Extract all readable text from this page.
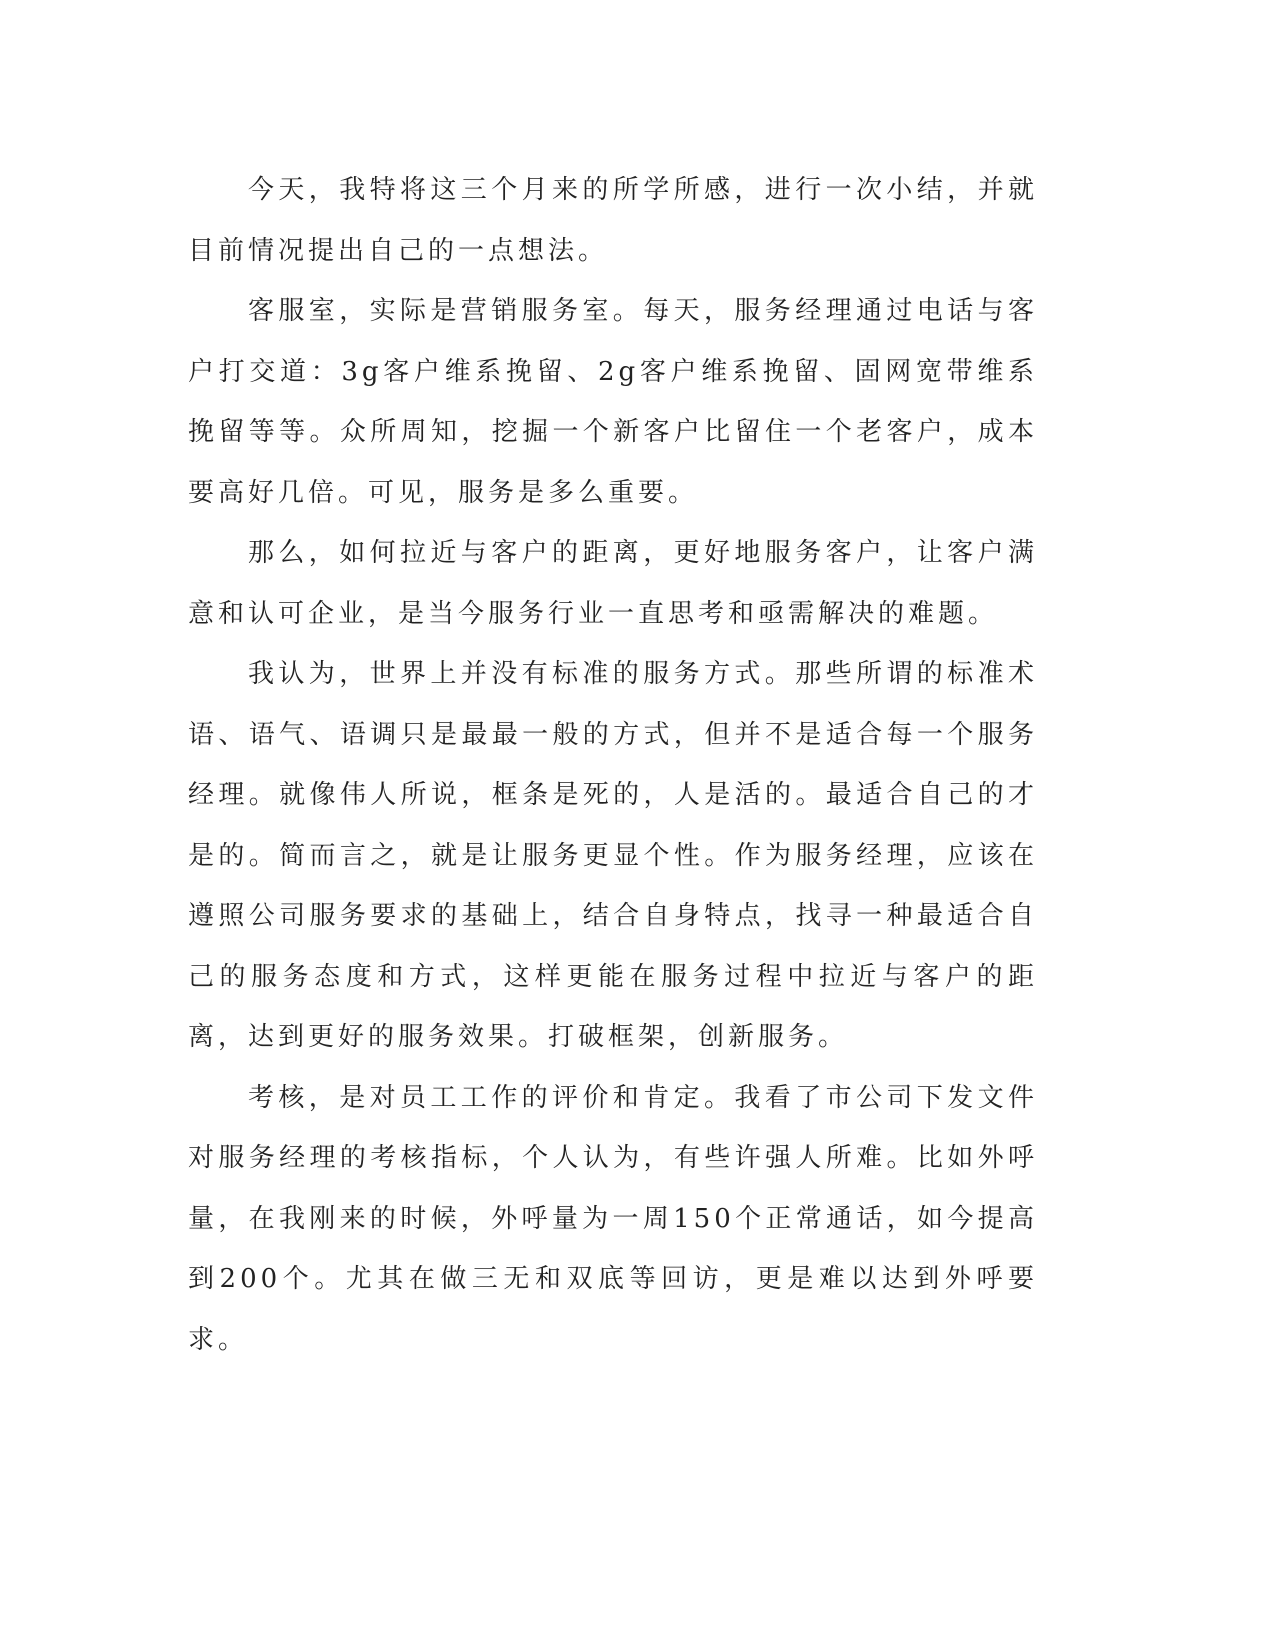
今天，我特将这三个月来的所学所感，进行一次小结，并就目前情况提出自己的一点想法。

客服室，实际是营销服务室。每天，服务经理通过电话与客户打交道：3g客户维系挽留、2g客户维系挽留、固网宽带维系挽留等等。众所周知，挖掘一个新客户比留住一个老客户，成本要高好几倍。可见，服务是多么重要。

那么，如何拉近与客户的距离，更好地服务客户，让客户满意和认可企业，是当今服务行业一直思考和亟需解决的难题。

我认为，世界上并没有标准的服务方式。那些所谓的标准术语、语气、语调只是最最一般的方式，但并不是适合每一个服务经理。就像伟人所说，框条是死的，人是活的。最适合自己的才是的。简而言之，就是让服务更显个性。作为服务经理，应该在遵照公司服务要求的基础上，结合自身特点，找寻一种最适合自己的服务态度和方式，这样更能在服务过程中拉近与客户的距离，达到更好的服务效果。打破框架，创新服务。

考核，是对员工工作的评价和肯定。我看了市公司下发文件对服务经理的考核指标，个人认为，有些许强人所难。比如外呼量，在我刚来的时候，外呼量为一周150个正常通话，如今提高到200个。尤其在做三无和双底等回访，更是难以达到外呼要求。
